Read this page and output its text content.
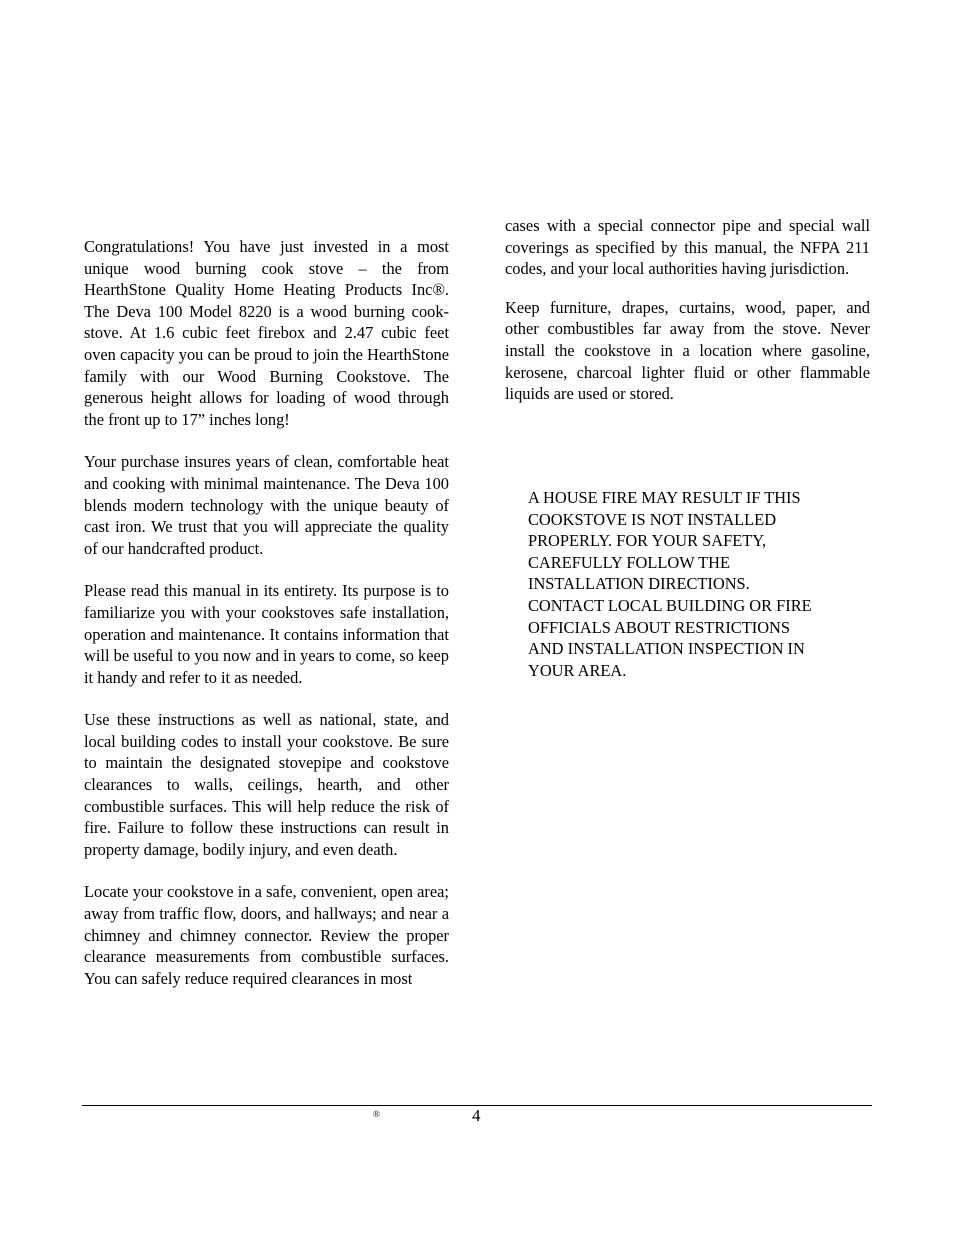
Congratulations! You have just invested in a most unique wood burning cook stove – the from HearthStone Quality Home Heating Products Inc®. The Deva 100 Model 8220 is a wood burning cook-stove. At 1.6 cubic feet firebox and 2.47 cubic feet oven capacity you can be proud to join the HearthStone family with our Wood Burning Cookstove. The generous height allows for loading of wood through the front up to 17” inches long!

Your purchase insures years of clean, comfortable heat and cooking with minimal maintenance. The Deva 100 blends modern technology with the unique beauty of cast iron. We trust that you will appreciate the quality of our handcrafted product.

Please read this manual in its entirety. Its purpose is to familiarize you with your cookstoves safe installation, operation and maintenance. It contains information that will be useful to you now and in years to come, so keep it handy and refer to it as needed.

Use these instructions as well as national, state, and local building codes to install your cookstove. Be sure to maintain the designated stovepipe and cookstove clearances to walls, ceilings, hearth, and other combustible surfaces. This will help reduce the risk of fire. Failure to follow these instructions can result in property damage, bodily injury, and even death.

Locate your cookstove in a safe, convenient, open area; away from traffic flow, doors, and hallways; and near a chimney and chimney connector. Review the proper clearance measurements from combustible surfaces. You can safely reduce required clearances in most

cases with a special connector pipe and special wall coverings as specified by this manual, the NFPA 211 codes, and your local authorities having jurisdiction.

Keep furniture, drapes, curtains, wood, paper, and other combustibles far away from the stove. Never install the cookstove in a location where gasoline, kerosene, charcoal lighter fluid or other flammable liquids are used or stored.

A HOUSE FIRE MAY RESULT IF THIS
COOKSTOVE IS NOT INSTALLED
PROPERLY. FOR YOUR SAFETY,
CAREFULLY FOLLOW THE
INSTALLATION DIRECTIONS.
CONTACT LOCAL BUILDING OR FIRE
OFFICIALS ABOUT RESTRICTIONS
AND INSTALLATION INSPECTION IN
YOUR AREA.
®	4
